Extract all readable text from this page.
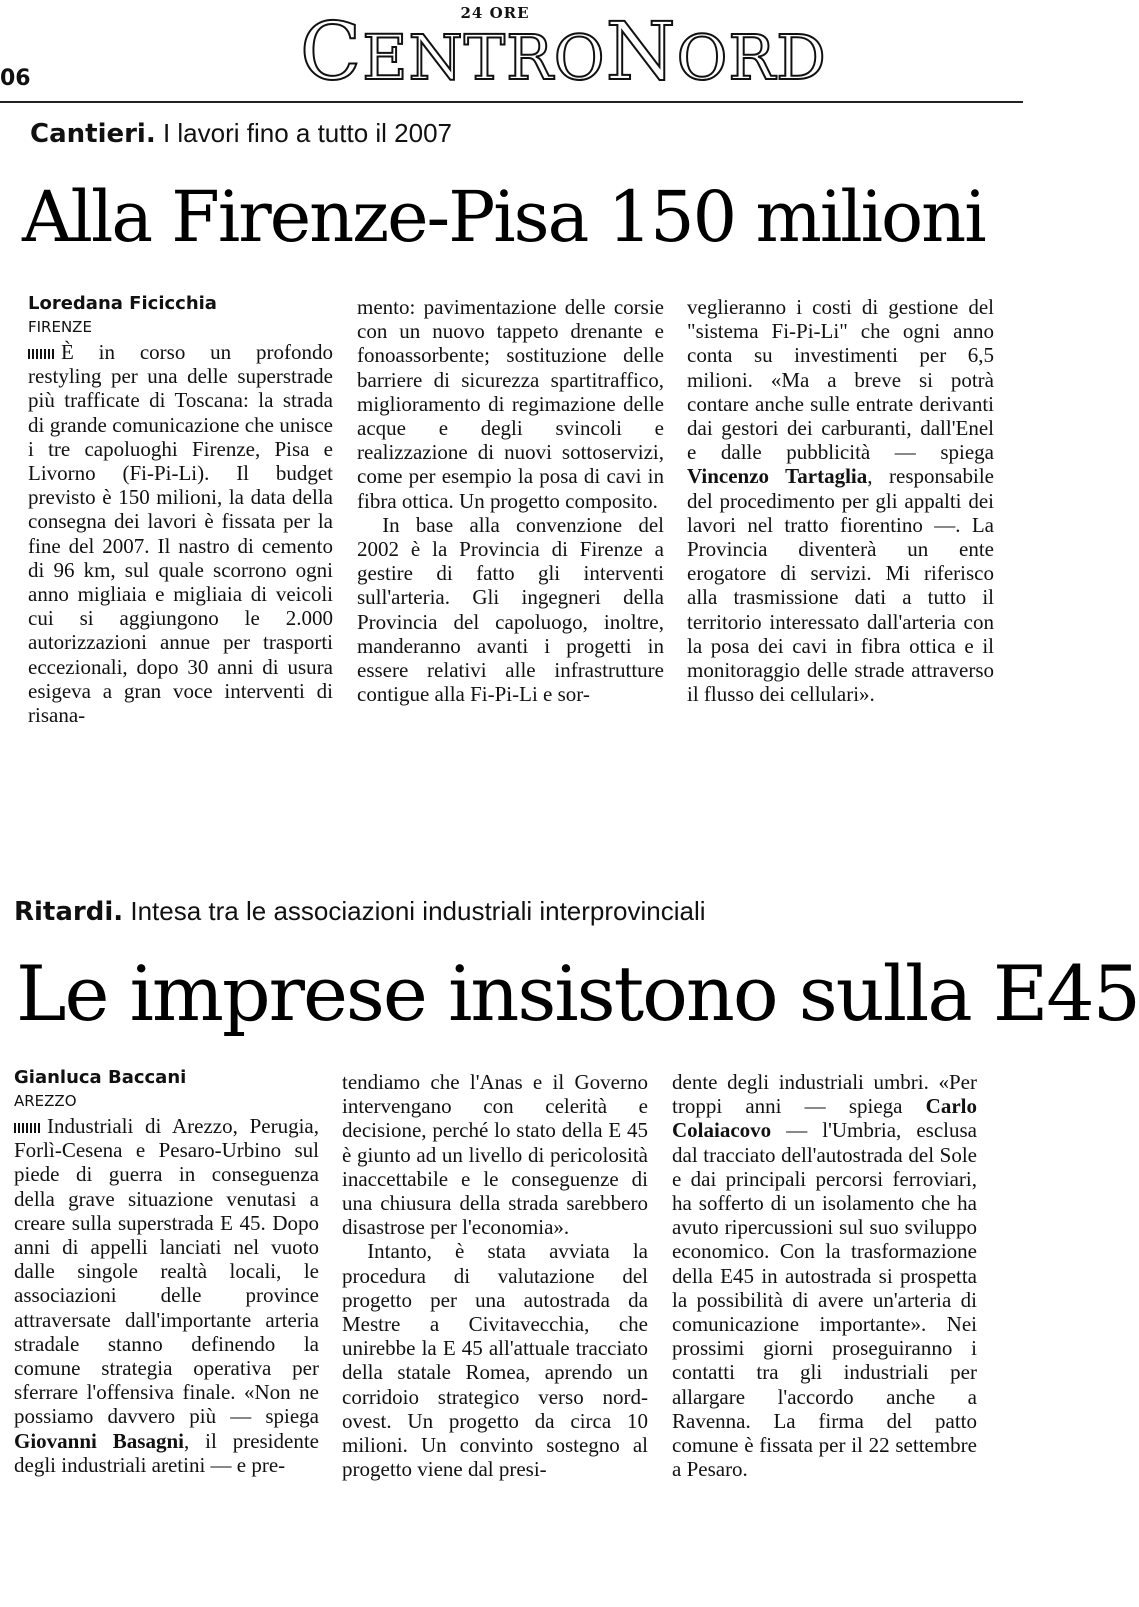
06
24 ORE
CENTRONORD
Cantieri. I lavori fino a tutto il 2007
Alla Firenze-Pisa 150 milioni
Loredana Ficicchia
FIRENZE

È in corso un profondo restyling per una delle superstrade più trafficate di Toscana: la strada di grande comunicazione che unisce i tre capoluoghi Firenze, Pisa e Livorno (Fi-Pi-Li). Il budget previsto è 150 milioni, la data della consegna dei lavori è fissata per la fine del 2007. Il nastro di cemento di 96 km, sul quale scorrono ogni anno migliaia e migliaia di veicoli cui si aggiungono le 2.000 autorizzazioni annue per trasporti eccezionali, dopo 30 anni di usura esigeva a gran voce interventi di risana-

mento: pavimentazione delle corsie con un nuovo tappeto drenante e fonoassorbente; sostituzione delle barriere di sicurezza spartitraffico, miglioramento di regimazione delle acque e degli svincoli e realizzazione di nuovi sottoservizi, come per esempio la posa di cavi in fibra ottica. Un progetto composito.

In base alla convenzione del 2002 è la Provincia di Firenze a gestire di fatto gli interventi sull'arteria. Gli ingegneri della Provincia del capoluogo, inoltre, manderanno avanti i progetti in essere relativi alle infrastrutture contigue alla Fi-Pi-Li e sor-

veglieranno i costi di gestione del "sistema Fi-Pi-Li" che ogni anno conta su investimenti per 6,5 milioni. «Ma a breve si potrà contare anche sulle entrate derivanti dai gestori dei carburanti, dall'Enel e dalle pubblicità — spiega Vincenzo Tartaglia, responsabile del procedimento per gli appalti dei lavori nel tratto fiorentino —. La Provincia diventerà un ente erogatore di servizi. Mi riferisco alla trasmissione dati a tutto il territorio interessato dall'arteria con la posa dei cavi in fibra ottica e il monitoraggio delle strade attraverso il flusso dei cellulari».

Ritardi. Intesa tra le associazioni industriali interprovinciali
Le imprese insistono sulla E45
Gianluca Baccani
AREZZO

Industriali di Arezzo, Perugia, Forlì-Cesena e Pesaro-Urbino sul piede di guerra in conseguenza della grave situazione venutasi a creare sulla superstrada E 45. Dopo anni di appelli lanciati nel vuoto dalle singole realtà locali, le associazioni delle province attraversate dall'importante arteria stradale stanno definendo la comune strategia operativa per sferrare l'offensiva finale. «Non ne possiamo davvero più — spiega Giovanni Basagni, il presidente degli industriali aretini — e pre-

tendiamo che l'Anas e il Governo intervengano con celerità e decisione, perché lo stato della E 45 è giunto ad un livello di pericolosità inaccettabile e le conseguenze di una chiusura della strada sarebbero disastrose per l'economia».

Intanto, è stata avviata la procedura di valutazione del progetto per una autostrada da Mestre a Civitavecchia, che unirebbe la E 45 all'attuale tracciato della statale Romea, aprendo un corridoio strategico verso nord-ovest. Un progetto da circa 10 milioni. Un convinto sostegno al progetto viene dal presi-

dente degli industriali umbri. «Per troppi anni — spiega Carlo Colaiacovo — l'Umbria, esclusa dal tracciato dell'autostrada del Sole e dai principali percorsi ferroviari, ha sofferto di un isolamento che ha avuto ripercussioni sul suo sviluppo economico. Con la trasformazione della E45 in autostrada si prospetta la possibilità di avere un'arteria di comunicazione importante». Nei prossimi giorni proseguiranno i contatti tra gli industriali per allargare l'accordo anche a Ravenna. La firma del patto comune è fissata per il 22 settembre a Pesaro.
